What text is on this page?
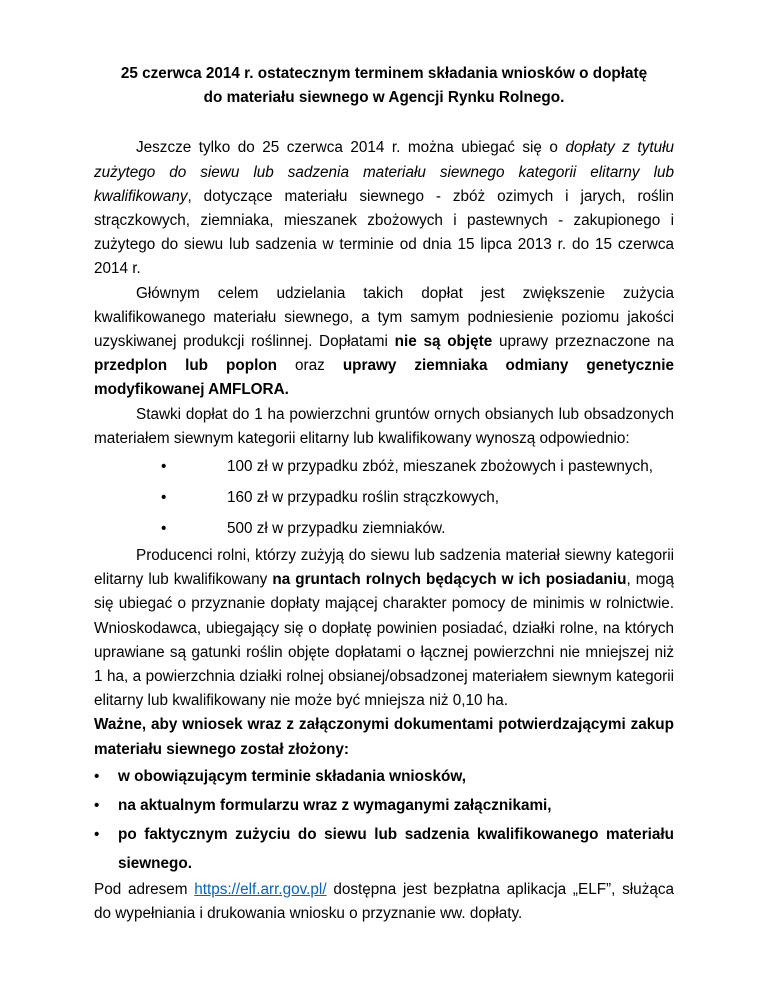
25 czerwca 2014 r. ostatecznym terminem składania wniosków o dopłatę
do materiału siewnego w Agencji Rynku Rolnego.

Jeszcze tylko do 25 czerwca 2014 r. można ubiegać się o dopłaty z tytułu zużytego do siewu lub sadzenia materiału siewnego kategorii elitarny lub kwalifikowany, dotyczące materiału siewnego - zbóż ozimych i jarych, roślin strączkowych, ziemniaka, mieszanek zbożowych i pastewnych - zakupionego i zużytego do siewu lub sadzenia w terminie od dnia 15 lipca 2013 r. do 15 czerwca 2014 r.

Głównym celem udzielania takich dopłat jest zwiększenie zużycia kwalifikowanego materiału siewnego, a tym samym podniesienie poziomu jakości uzyskiwanej produkcji roślinnej. Dopłatami nie są objęte uprawy przeznaczone na przedplon lub poplon oraz uprawy ziemniaka odmiany genetycznie modyfikowanej AMFLORA.

Stawki dopłat do 1 ha powierzchni gruntów ornych obsianych lub obsadzonych materiałem siewnym kategorii elitarny lub kwalifikowany wynoszą odpowiednio:

•	100 zł w przypadku zbóż, mieszanek zbożowych i pastewnych,
•	160 zł w przypadku roślin strączkowych,
•	500 zł w przypadku ziemniaków.

Producenci rolni, którzy zużyją do siewu lub sadzenia materiał siewny kategorii elitarny lub kwalifikowany na gruntach rolnych będących w ich posiadaniu, mogą się ubiegać o przyznanie dopłaty mającej charakter pomocy de minimis w rolnictwie. Wnioskodawca, ubiegający się o dopłatę powinien posiadać, działki rolne, na których uprawiane są gatunki roślin objęte dopłatami o łącznej powierzchni nie mniejszej niż 1 ha, a powierzchnia działki rolnej obsianej/obsadzonej materiałem siewnym kategorii elitarny lub kwalifikowany nie może być mniejsza niż 0,10 ha.

Ważne, aby wniosek wraz z załączonymi dokumentami potwierdzającymi zakup materiału siewnego został złożony:

• w obowiązującym terminie składania wniosków,
• na aktualnym formularzu wraz z wymaganymi załącznikami,
• po faktycznym zużyciu do siewu lub sadzenia kwalifikowanego materiału siewnego.

Pod adresem https://elf.arr.gov.pl/ dostępna jest bezpłatna aplikacja „ELF”, służąca do wypełniania i drukowania wniosku o przyznanie ww. dopłaty.
